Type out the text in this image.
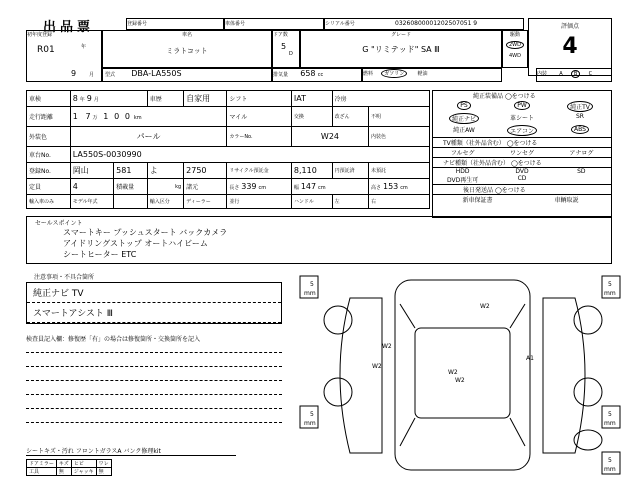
出品票	登録番号	車体番号	シリアル番号	03260800001202507051 9	評価点
4
初年度登録
R01	年
9	月
車名
ミラトコット
ドア数
5
D
グレード
G "リミテッド" SA Ⅲ
駆動
2WD
4WD
型式 DBA-LA550S	排気量 658 cc	燃料 ガソリン	軽油	内装 A B C
車検	8 年 9 月		車歴	自家用	シフト	IAT	冷房	
走行距離	1 7 万 1 0 0 km				マイル	交換	改ざん	不明
外装色	パール				カラーNo.	W24		内装色
車台No.	LA550S-0030990							
登録No.	岡山	581	よ	2750	リサイクル預託金	8,110	円預託済	未預託
定員	4	積載量	kg	諸元	長さ 339 cm	幅 147 cm		高さ 153 cm
輸入車のみ	モデル年式		輸入区分	ディーラー	並行	ハンドル	左	右
純正装備品 ◯をつける
PS	PW	純正TV
純正ナビ	革シート	SR
純正AW	エアコン	ABS
TV種類（社外品含む） ◯をつける
フルセグ	ワンセグ	アナログ
ナビ種類（社外品含む） ◯をつける
HDD	DVD	SD
DVD再生可	CD
後日発送品 ◯をつける
新車保証書	車輌取説
セールスポイント
スマートキー プッシュスタート バックカメラ
アイドリングストップ オートハイビーム
シートヒーター ETC
注意事項・不具合箇所
純正ナビ TV
スマートアシスト Ⅲ
検査員記入欄：修復歴「有」の場合は修復箇所・交換箇所を記入
シートキズ・汚れ フロントガラスA バンク修理kit
ドアミラー	キズ	ヒビ	ワレ
工具	無	ジャッキ	無
5
mm
5
mm
5
mm
5
mm
5
mm
W2
W2
W2
W2
A1
W2
